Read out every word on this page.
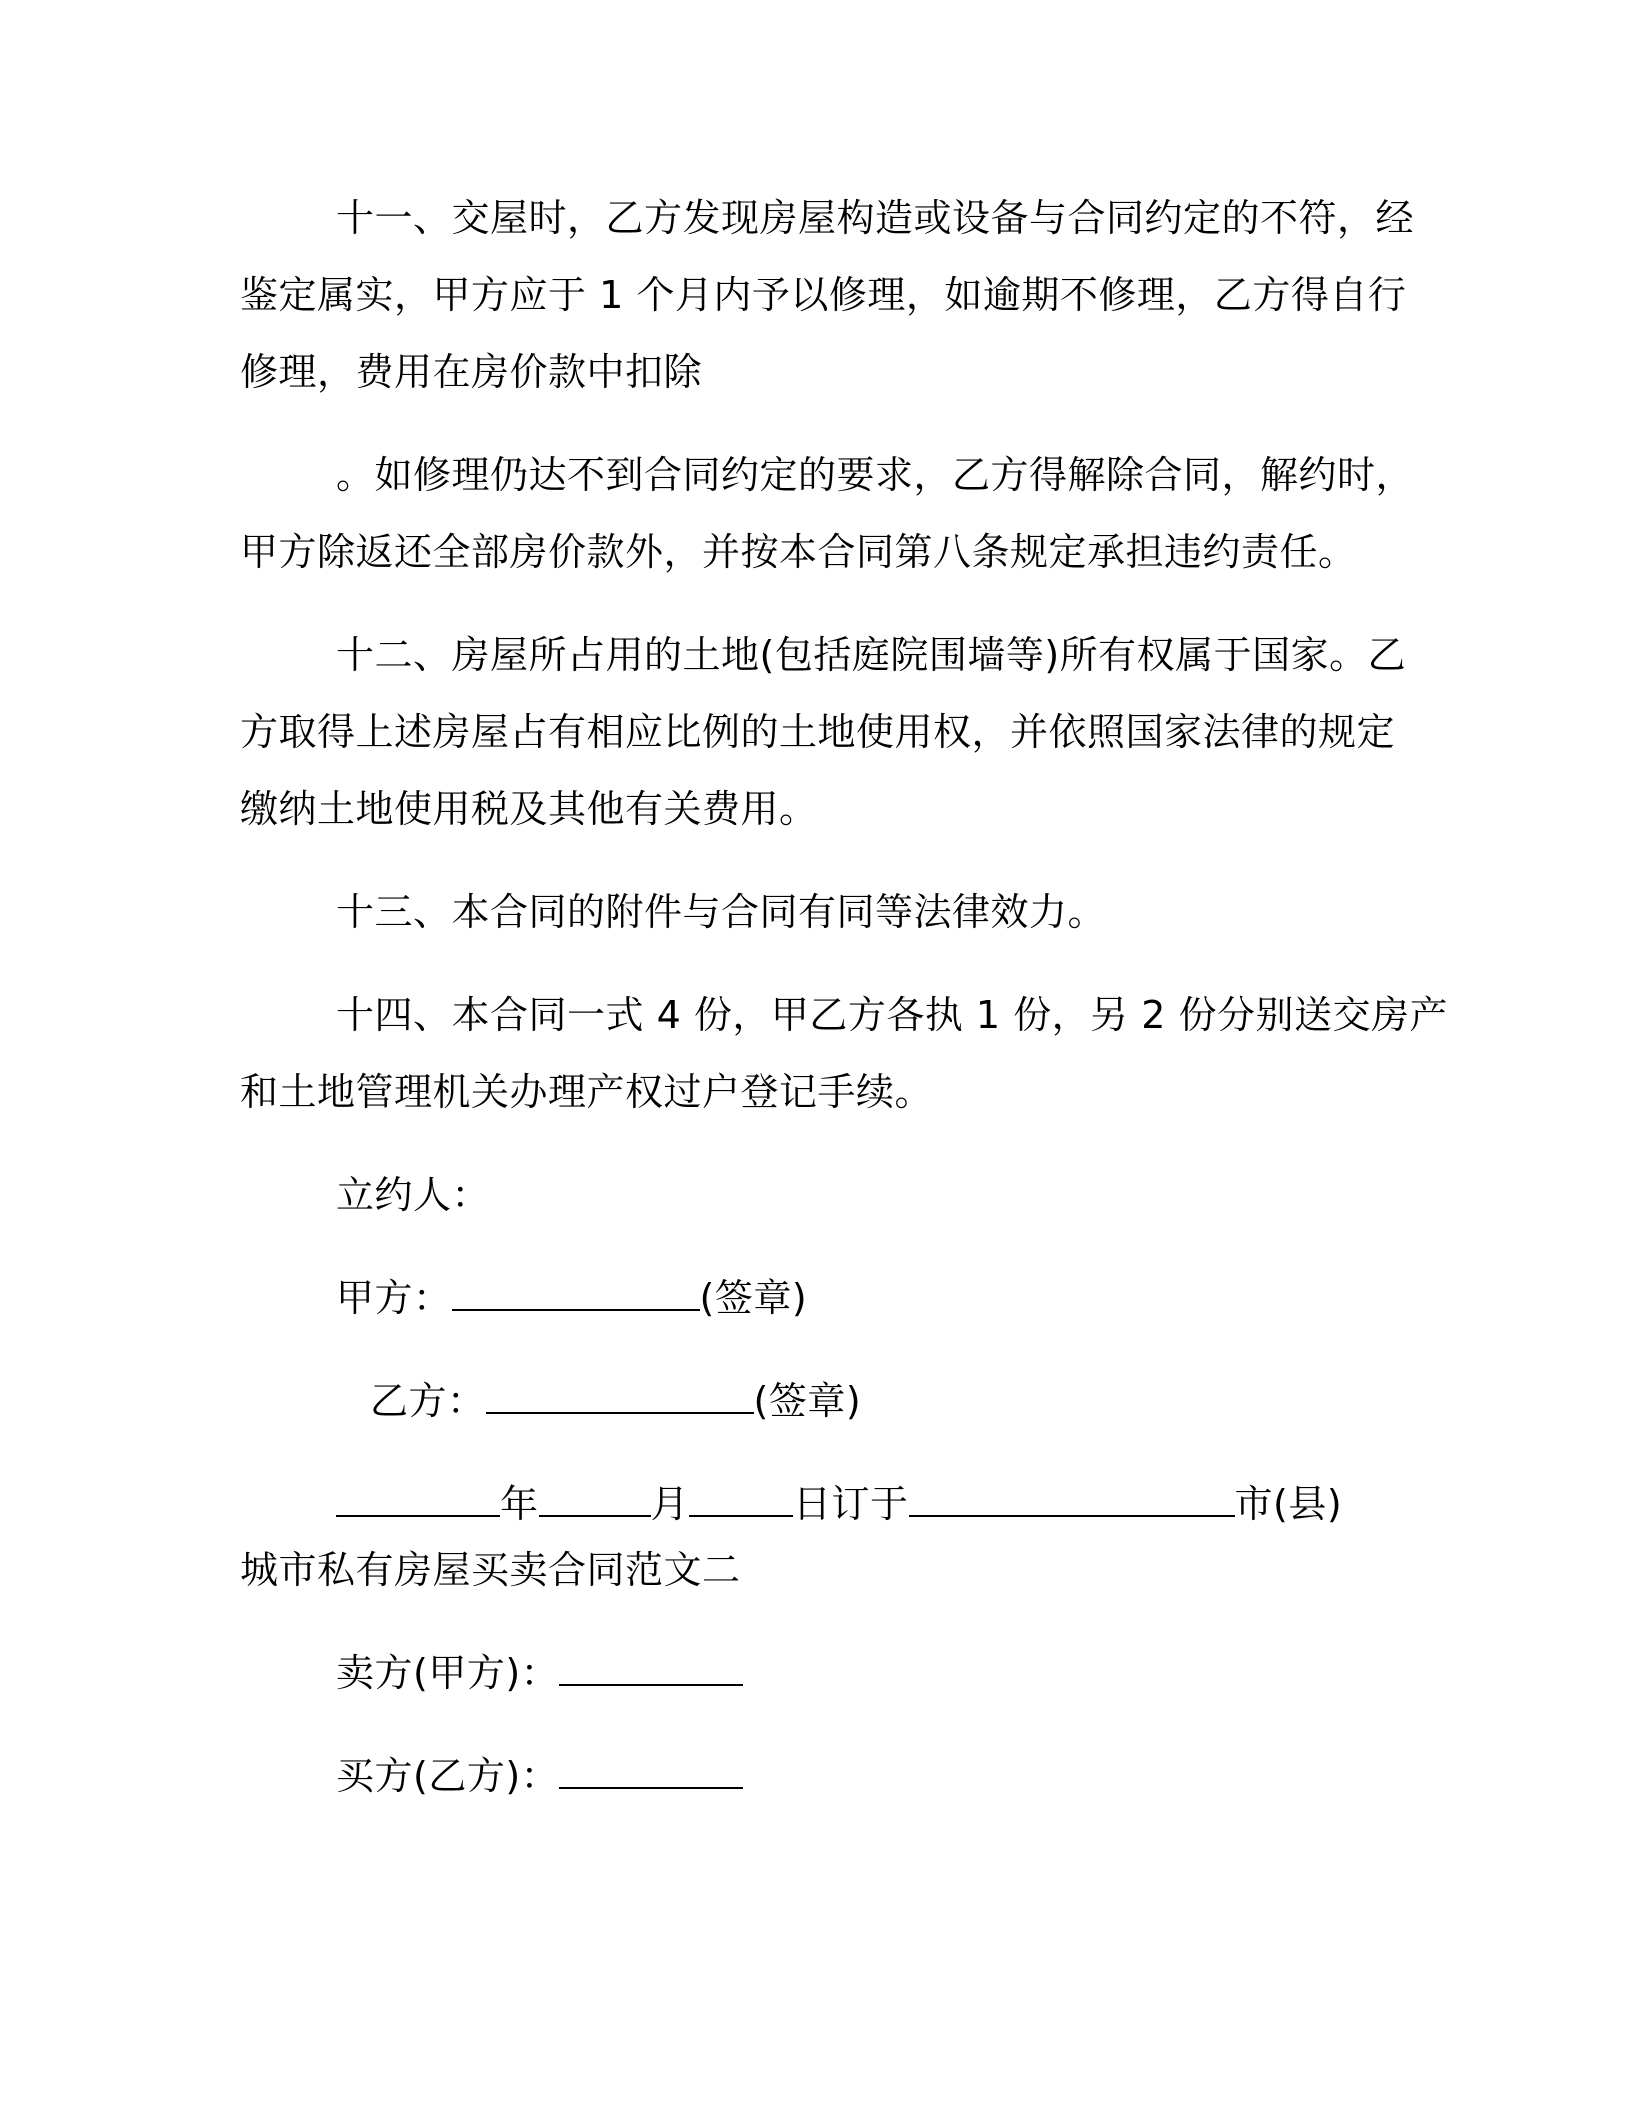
十一、交屋时，乙方发现房屋构造或设备与合同约定的不符，经
鉴定属实，甲方应于 1 个月内予以修理，如逾期不修理，乙方得自行
修理，费用在房价款中扣除
。如修理仍达不到合同约定的要求，乙方得解除合同，解约时，
甲方除返还全部房价款外，并按本合同第八条规定承担违约责任。
十二、房屋所占用的土地(包括庭院围墙等)所有权属于国家。乙
方取得上述房屋占有相应比例的土地使用权，并依照国家法律的规定
缴纳土地使用税及其他有关费用。
十三、本合同的附件与合同有同等法律效力。
十四、本合同一式 4 份，甲乙方各执 1 份，另 2 份分别送交房产
和土地管理机关办理产权过户登记手续。
立约人：
甲方：	(签章)
乙方：	(签章)
年	月	日订于	市(县)
城市私有房屋买卖合同范文二
卖方(甲方)：
买方(乙方)：
